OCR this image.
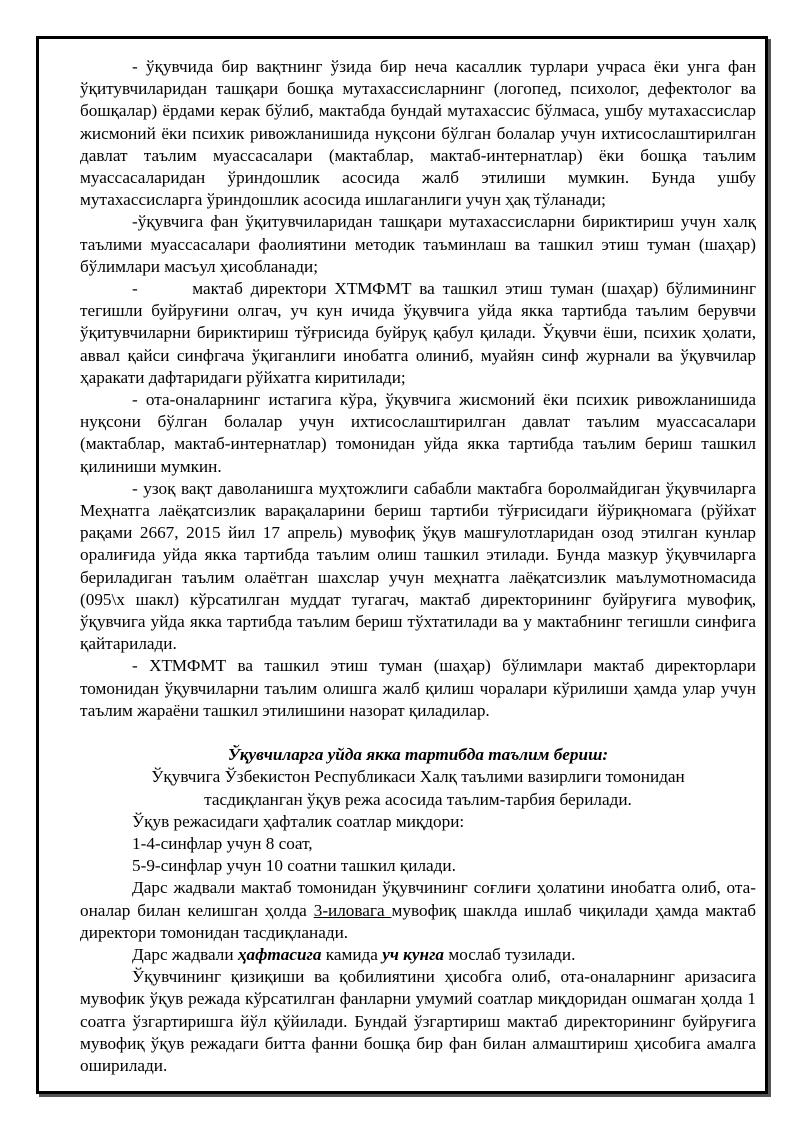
- ўқувчида бир вақтнинг ўзида бир неча касаллик турлари учраса ёки унга фан ўқитувчиларидан ташқари бошқа мутахассисларнинг (логопед, психолог, дефектолог ва бошқалар) ёрдами керак бўлиб, мактабда бундай мутахассис бўлмаса, ушбу мутахассислар жисмоний ёки психик ривожланишида нуқсони бўлган болалар учун ихтисослаштирилган давлат таълим муассасалари (мактаблар, мактаб-интернатлар) ёки бошқа таълим муассасаларидан ўриндошлик асосида жалб этилиши мумкин. Бунда ушбу мутахассисларга ўриндошлик асосида ишлаганлиги учун ҳақ тўланади;

-ўқувчига фан ўқитувчиларидан ташқари мутахассисларни бириктириш учун халқ таълими муассасалари фаолиятини методик таъминлаш ва ташкил этиш туман (шаҳар) бўлимлари масъул ҳисобланади;

-       мактаб директори ХТМФМТ ва ташкил этиш туман (шаҳар) бўлимининг тегишли буйруғини олгач, уч кун ичида ўқувчига уйда якка тартибда таълим берувчи ўқитувчиларни бириктириш тўғрисида буйруқ қабул қилади. Ўқувчи ёши, психик ҳолати, аввал қайси синфгача ўқиганлиги инобатга олиниб, муайян синф журнали ва ўқувчилар ҳаракати дафтаридаги рўйхатга киритилади;

- ота-оналарнинг истагига кўра, ўқувчига жисмоний ёки психик ривожланишида нуқсони бўлган болалар учун ихтисослаштирилган давлат таълим муассасалари (мактаблар, мактаб-интернатлар) томонидан уйда якка тартибда таълим бериш ташкил қилиниши мумкин.

- узоқ вақт даволанишга муҳтожлиги сабабли мактабга боролмайдиган ўқувчиларга Меҳнатга лаёқатсизлик варақаларини бериш тартиби тўғрисидаги йўриқномага (рўйхат рақами 2667, 2015 йил 17 апрель) мувофиқ ўқув машғулотларидан озод этилган кунлар оралиғида уйда якка тартибда таълим олиш ташкил этилади. Бунда мазкур ўқувчиларга бериладиган таълим олаётган шахслар учун меҳнатга лаёқатсизлик маълумотномасида (095\х шакл) кўрсатилган муддат тугагач, мактаб директорининг буйруғига мувофиқ, ўқувчига уйда якка тартибда таълим бериш тўхтатилади ва у мактабнинг тегишли синфига қайтарилади.

- ХТМФМТ ва ташкил этиш туман (шаҳар) бўлимлари мактаб директорлари томонидан ўқувчиларни таълим олишга жалб қилиш чоралари кўрилиши ҳамда улар учун таълим жараёни ташкил этилишини назорат қиладилар.

Ўқувчиларга уйда якка тартибда таълим бериш:

Ўқувчига Ўзбекистон Республикаси Халқ таълими вазирлиги томонидан

тасдиқланган ўқув режа асосида таълим-тарбия берилади.

Ўқув режасидаги ҳафталик соатлар миқдори:

1-4-синфлар учун 8 соат,

5-9-синфлар учун 10 соатни ташкил қилади.

Дарс жадвали мактаб томонидан ўқувчининг соғлиғи ҳолатини инобатга олиб, ота-оналар билан келишган ҳолда 3-иловага мувофиқ шаклда ишлаб чиқилади ҳамда мактаб директори томонидан тасдиқланади.

Дарс жадвали ҳафтасига камида уч кунга мослаб тузилади.

Ўқувчининг қизиқиши ва қобилиятини ҳисобга олиб, ота-оналарнинг аризасига мувофик ўқув режада кўрсатилган фанларни умумий соатлар миқдоридан ошмаган ҳолда 1 соатга ўзгартиришга йўл қўйилади. Бундай ўзгартириш мактаб директорининг буйруғига мувофиқ ўқув режадаги битта фанни бошқа бир фан билан алмаштириш ҳисобига амалга оширилади.
